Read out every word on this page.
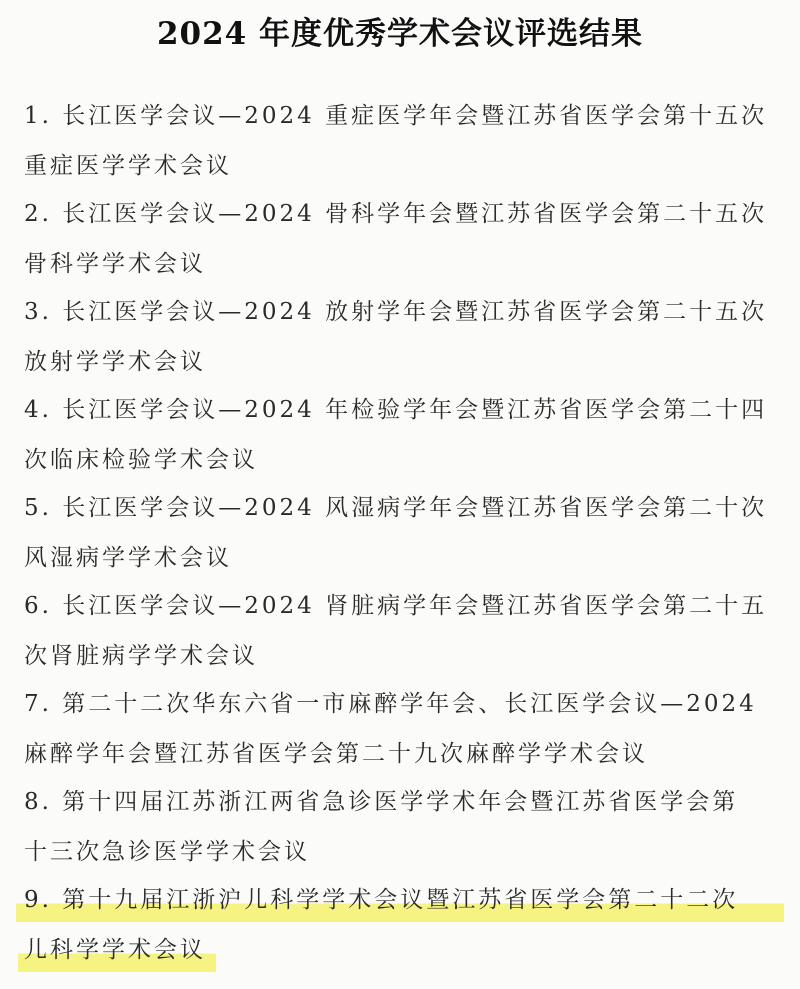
2024 年度优秀学术会议评选结果
1. 长江医学会议—2024 重症医学年会暨江苏省医学会第十五次
重症医学学术会议
2. 长江医学会议—2024 骨科学年会暨江苏省医学会第二十五次
骨科学学术会议
3. 长江医学会议—2024 放射学年会暨江苏省医学会第二十五次
放射学学术会议
4. 长江医学会议—2024 年检验学年会暨江苏省医学会第二十四
次临床检验学术会议
5. 长江医学会议—2024 风湿病学年会暨江苏省医学会第二十次
风湿病学学术会议
6. 长江医学会议—2024 肾脏病学年会暨江苏省医学会第二十五
次肾脏病学学术会议
7. 第二十二次华东六省一市麻醉学年会、长江医学会议—2024
麻醉学年会暨江苏省医学会第二十九次麻醉学学术会议
8. 第十四届江苏浙江两省急诊医学学术年会暨江苏省医学会第
十三次急诊医学学术会议
9. 第十九届江浙沪儿科学学术会议暨江苏省医学会第二十二次
儿科学学术会议
